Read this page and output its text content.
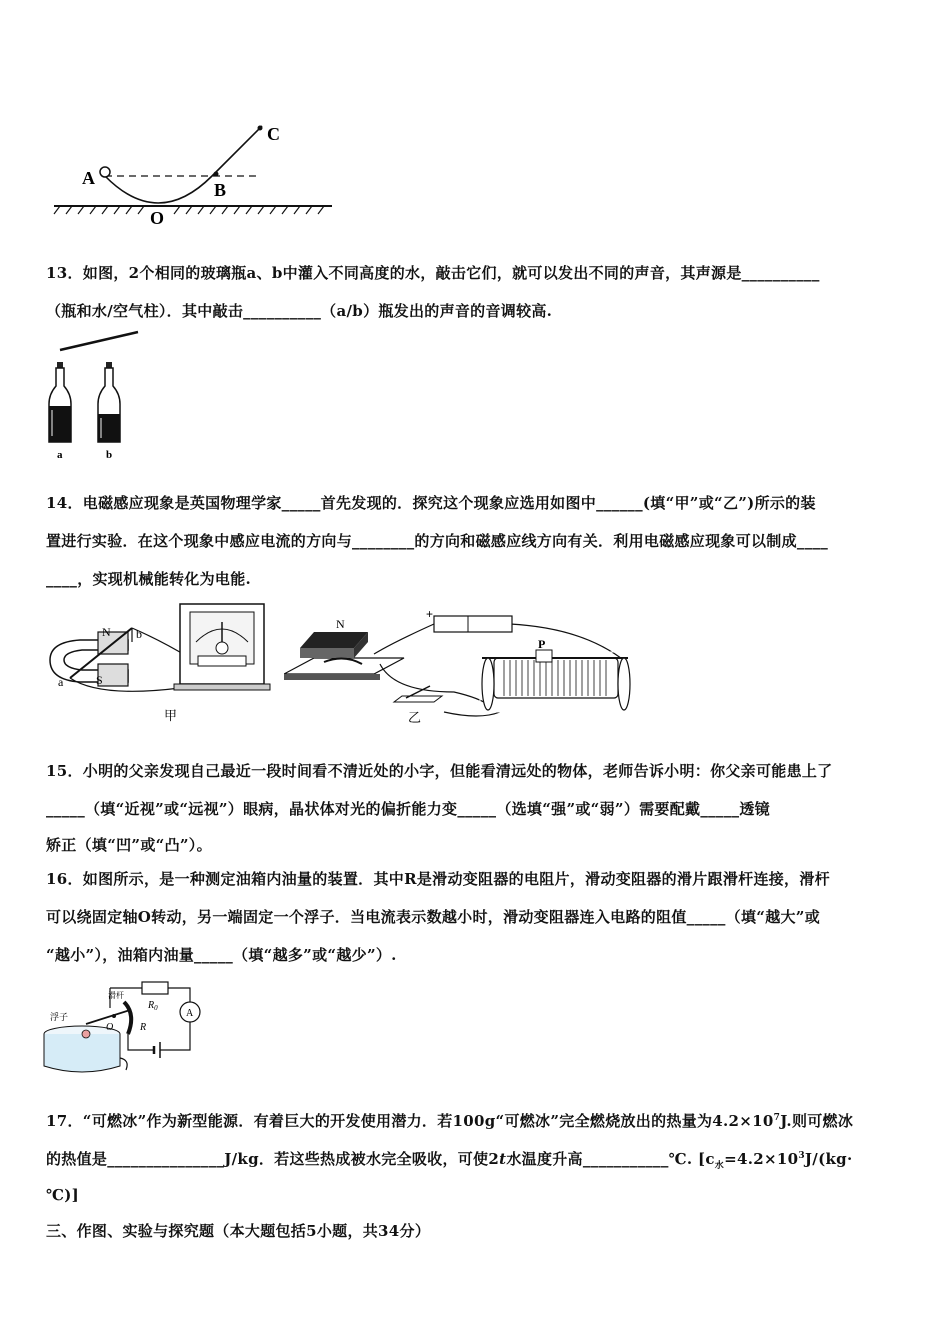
A
B
C
O
13．如图，2个相同的玻璃瓶a、b中灌入不同高度的水，敲击它们，就可以发出不同的声音，其声源是__________
（瓶和水/空气柱）．其中敲击__________（a/b）瓶发出的声音的音调较高.
a	b
14．电磁感应现象是英国物理学家_____首先发现的．探究这个现象应选用如图中______(填“甲”或“乙”)所示的装
置进行实验．在这个现象中感应电流的方向与________的方向和磁感应线方向有关．利用电磁感应现象可以制成____
____，实现机械能转化为电能.
N
S
a
b
甲
+
N
P
乙
15．小明的父亲发现自己最近一段时间看不清近处的小字，但能看清远处的物体，老师告诉小明：你父亲可能患上了
_____（填“近视”或“远视”）眼病，晶状体对光的偏折能力变_____（选填“强”或“弱”）需要配戴_____透镜
矫正（填“凹”或“凸”）。
16．如图所示，是一种测定油箱内油量的装置．其中R是滑动变阻器的电阻片，滑动变阻器的滑片跟滑杆连接，滑杆
可以绕固定轴O转动，另一端固定一个浮子．当电流表示数越小时，滑动变阻器连入电路的阻值_____（填“越大”或
“越小”），油箱内油量_____（填“越多”或“越少”）.
浮子
滑杆
O	R
$R_0$	A
17．“可燃冰”作为新型能源．有着巨大的开发使用潜力．若100g“可燃冰”完全燃烧放出的热量为$4.2\times 10^7J$.则可燃冰
的热值是_______________J/kg．若这些热成被水完全吸收，可使2t水温度升高___________℃. [$c_水=4.2\times 10^3J/(kg\cdot$
℃)]
三、作图、实验与探究题（本大题包括5小题，共34分）
